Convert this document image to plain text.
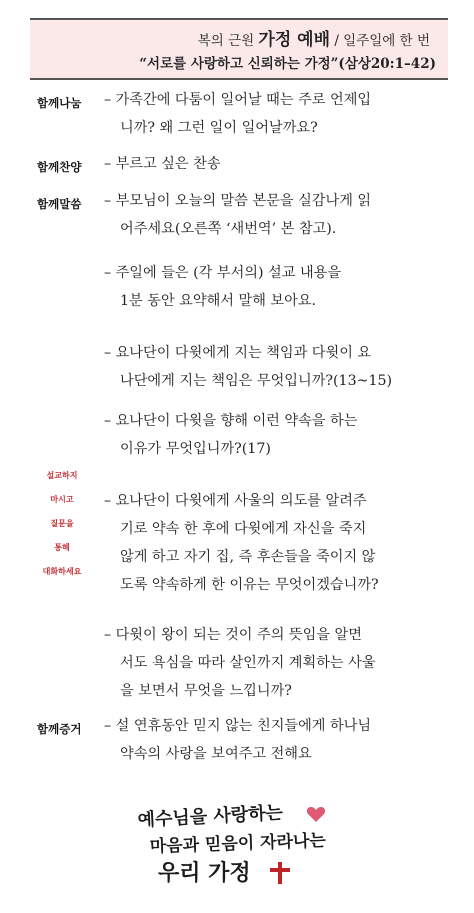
복의 근원 가정 예배 / 일주일에 한 번
“서로를 사랑하고 신뢰하는 가정”(삼상20:1–42)
함께나눔 – 가족간에 다툼이 일어날 때는 주로 언제입
니까? 왜 그런 일이 일어날까요?
함께찬양 – 부르고 싶은 찬송
함께말씀 – 부모님이 오늘의 말씀 본문을 실감나게 읽
어주세요(오른쪽 ‘새번역’ 본 참고).
– 주일에 들은 (각 부서의) 설교 내용을
1분 동안 요약해서 말해 보아요.
– 요나단이 다윗에게 지는 책임과 다윗이 요
나단에게 지는 책임은 무엇입니까?(13~15)
– 요나단이 다윗을 향해 이런 약속을 하는
이유가 무엇입니까?(17)
설교하지
마시고
질문을
통해
대화하세요
– 요나단이 다윗에게 사울의 의도를 알려주
기로 약속 한 후에 다윗에게 자신을 죽지
않게 하고 자기 집, 즉 후손들을 죽이지 않
도록 약속하게 한 이유는 무엇이겠습니까?
– 다윗이 왕이 되는 것이 주의 뜻임을 알면
서도 욕심을 따라 살인까지 계획하는 사울
을 보면서 무엇을 느낍니까?
함께증거 – 설 연휴동안 믿지 않는 친지들에게 하나님
약속의 사랑을 보여주고 전해요
예수님을 사랑하는
마음과 믿음이 자라나는
우리 가정
